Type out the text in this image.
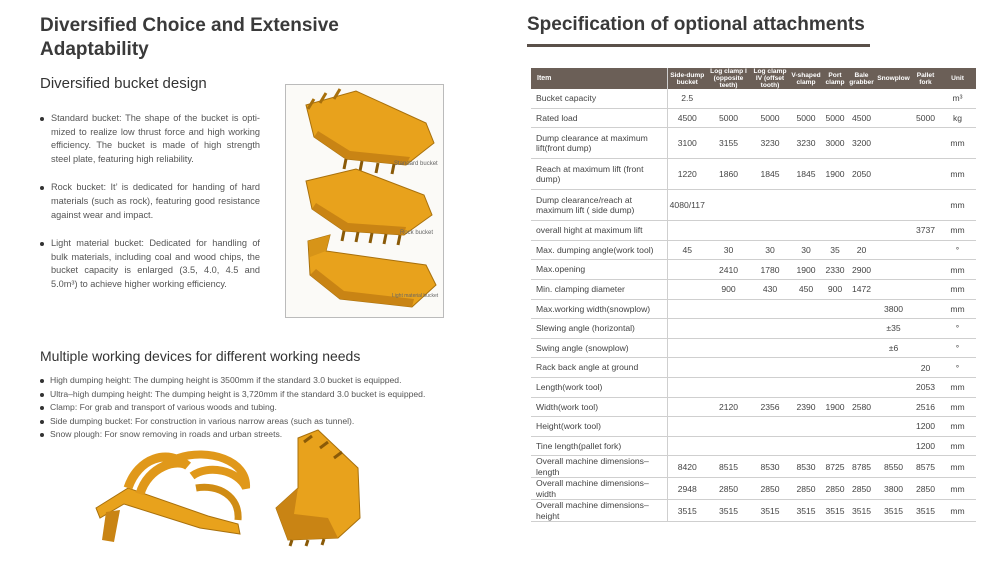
Diversified Choice and Extensive Adaptability
Diversified bucket design
Standard bucket: The shape of the bucket is opti-mized to realize low thrust force and high working efficiency. The bucket is made of high strength steel plate, featuring high reliability.
Rock bucket: It’ is dedicated for handing of hard materials (such as rock), featuring good resistance against wear and impact.
Light material bucket: Dedicated for handling of bulk materials, including coal and wood chips, the bucket capacity is enlarged (3.5, 4.0, 4.5 and 5.0m³) to achieve higher working efficiency.
Standard bucket
Rock bucket
Light material bucket
Multiple working devices for different working needs
High dumping height: The dumping height is 3500mm if the standard 3.0 bucket is equipped.
Ultra–high dumping height: The dumping height is 3,720mm if the standard 3.0 bucket is equipped.
Clamp: For grab and transport of various woods and tubing.
Side dumping bucket: For construction in various narrow areas (such as tunnel).
Snow plough: For snow removing in roads and urban streets.
Specification of optional attachments
Item	Side-dump bucket	Log clamp I (opposite teeth)	Log clamp IV (offset tooth)	V-shaped clamp	Port clamp	Bale grabber	Snowplow	Pallet fork	Unit
Bucket capacity	2.5								m³
Rated load	4500	5000	5000	5000	5000	4500		5000	kg
Dump clearance at maximum lift(front dump)	3100	3155	3230	3230	3000	3200			mm
Reach at maximum lift (front dump)	1220	1860	1845	1845	1900	2050			mm
Dump clearance/reach at maximum lift ( side dump)	4080/117								mm
overall hight at maximum lift								3737	mm
Max. dumping angle(work tool)	45	30	30	30	35	20			°
Max.opening		2410	1780	1900	2330	2900			mm
Min. clamping diameter		900	430	450	900	1472			mm
Max.working width(snowplow)							3800		mm
Slewing angle (horizontal)							±35		°
Swing angle (snowplow)							±6		°
Rack back angle at ground								20	°
Length(work tool)								2053	mm
Width(work tool)		2120	2356	2390	1900	2580		2516	mm
Height(work tool)								1200	mm
Tine length(pallet fork)								1200	mm
Overall machine dimensions–length	8420	8515	8530	8530	8725	8785	8550	8575	mm
Overall machine dimensions–width	2948	2850	2850	2850	2850	2850	3800	2850	mm
Overall machine dimensions–height	3515	3515	3515	3515	3515	3515	3515	3515	mm
